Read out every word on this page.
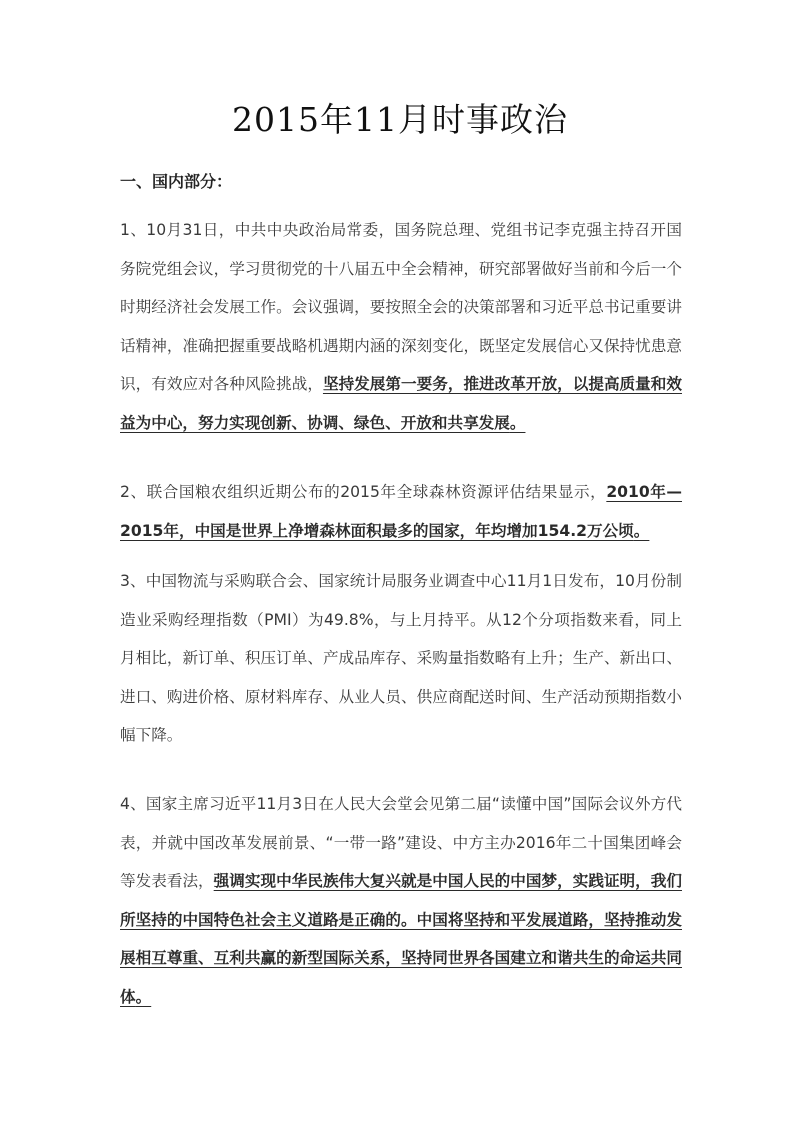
2015年11月时事政治
一、国内部分：

1、10月31日，中共中央政治局常委，国务院总理、党组书记李克强主持召开国务院党组会议，学习贯彻党的十八届五中全会精神，研究部署做好当前和今后一个时期经济社会发展工作。会议强调，要按照全会的决策部署和习近平总书记重要讲话精神，准确把握重要战略机遇期内涵的深刻变化，既坚定发展信心又保持忧患意识，有效应对各种风险挑战，坚持发展第一要务，推进改革开放，以提高质量和效益为中心，努力实现创新、协调、绿色、开放和共享发展。

2、联合国粮农组织近期公布的2015年全球森林资源评估结果显示，2010年—2015年，中国是世界上净增森林面积最多的国家，年均增加154.2万公顷。

3、中国物流与采购联合会、国家统计局服务业调查中心11月1日发布，10月份制造业采购经理指数（PMI）为49.8%，与上月持平。从12个分项指数来看，同上月相比，新订单、积压订单、产成品库存、采购量指数略有上升；生产、新出口、进口、购进价格、原材料库存、从业人员、供应商配送时间、生产活动预期指数小幅下降。

4、国家主席习近平11月3日在人民大会堂会见第二届“读懂中国”国际会议外方代表，并就中国改革发展前景、“一带一路”建设、中方主办2016年二十国集团峰会等发表看法，强调实现中华民族伟大复兴就是中国人民的中国梦，实践证明，我们所坚持的中国特色社会主义道路是正确的。中国将坚持和平发展道路，坚持推动发展相互尊重、互利共赢的新型国际关系，坚持同世界各国建立和谐共生的命运共同体。
